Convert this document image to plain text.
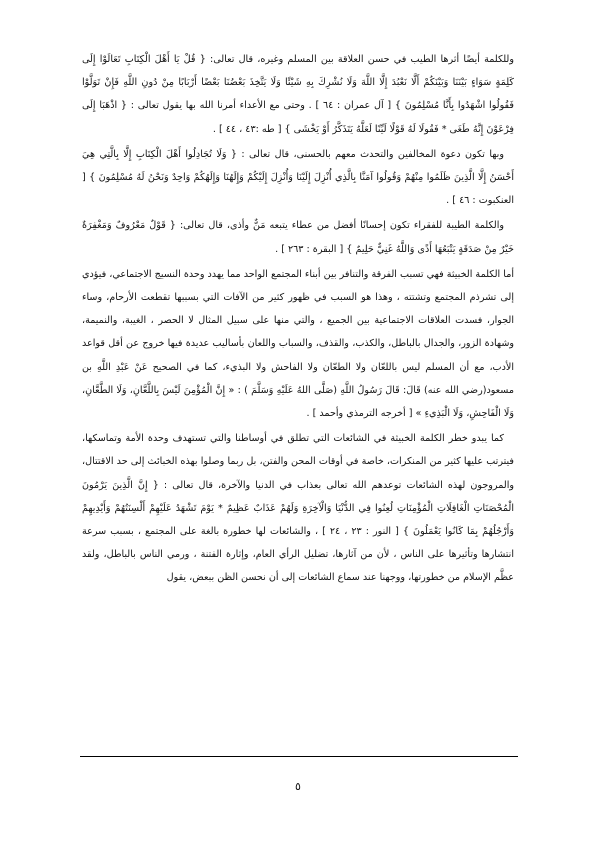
وللكلمة أيضًا أثرها الطيب في حسن العلاقة بين المسلم وغيره، قال تعالى: { قُلْ يَا أَهْلَ الْكِتَابِ تَعَالَوْا إِلَى كَلِمَةٍ سَوَاءٍ بَيْنَنَا وَبَيْنَكُمْ أَلَّا نَعْبُدَ إِلَّا اللَّهَ وَلَا نُشْرِكَ بِهِ شَيْئًا وَلَا يَتَّخِذَ بَعْضُنَا بَعْضًا أَرْبَابًا مِنْ دُونِ اللَّهِ فَإِنْ تَوَلَّوْا فَقُولُوا اشْهَدُوا بِأَنَّا مُسْلِمُونَ } [ آل عمران : ٦٤ ] . وحتى مع الأعداء أمرنا الله بها يقول تعالى : { اذْهَبَا إِلَى فِرْعَوْنَ إِنَّهُ طَغَى * فَقُولَا لَهُ قَوْلًا لَيِّنًا لَعَلَّهُ يَتَذَكَّرُ أَوْ يَخْشَى } [ طه :٤٣ ، ٤٤ ] .

وبها تكون دعوة المخالفين والتحدث معهم بالحسنى، قال تعالى : { وَلَا تُجَادِلُوا أَهْلَ الْكِتَابِ إِلَّا بِالَّتِي هِيَ أَحْسَنُ إِلَّا الَّذِينَ ظَلَمُوا مِنْهُمْ وَقُولُوا آمَنَّا بِالَّذِي أُنْزِلَ إِلَيْنَا وَأُنْزِلَ إِلَيْكُمْ وَإِلَهُنَا وَإِلَهُكُمْ وَاحِدٌ وَنَحْنُ لَهُ مُسْلِمُونَ } [ العنكبوت : ٤٦ ] .

والكلمة الطيبة للفقراء تكون إحسانًا أفضل من عطاء يتبعه مَنٌّ وأذى، قال تعالى: { قَوْلٌ مَعْرُوفٌ وَمَغْفِرَةٌ خَيْرٌ مِنْ صَدَقَةٍ يَتْبَعُهَا أَذًى وَاللَّهُ غَنِيٌّ حَلِيمٌ } [ البقرة : ٢٦٣ ] .

أما الكلمة الخبيثة فهي تسبب الفرقة والتنافر بين أبناء المجتمع الواحد مما يهدد وحدة النسيج الاجتماعي، فيؤدي إلى تشرذم المجتمع وتشتته ، وهذا هو السبب في ظهور كثير من الآفات التي بسببها تقطعت الأرحام، وساء الجوار، فسدت العلاقات الاجتماعية بين الجميع ، والتي منها على سبيل المثال لا الحصر ، الغيبة، والنميمة، وشهادة الزور، والجدال بالباطل، والكذب، والقذف، والسباب واللعان بأساليب عديدة فيها خروج عن أقل قواعد الأدب، مع أن المسلم ليس باللعّان ولا الطعّان ولا الفاحش ولا البذيء، كما في الصحيح عَنْ عَبْدِ اللَّهِ بن مسعود(رضي الله عنه) قَالَ: قَالَ رَسُولُ اللَّهِ (صَلَّى اللهُ عَلَيْهِ وَسَلَّمَ ) : « إِنَّ الْمُؤْمِنَ لَيْسَ بِاللَّعَّانِ، وَلَا الطَّعَّانِ، وَلَا الْفَاحِشِ، وَلَا الْبَذِيءِ » [ أخرجه الترمذي وأحمد ] .

كما يبدو خطر الكلمة الخبيثة في الشائعات التي تطلق في أوساطنا والتي تستهدف وحدة الأمة وتماسكها، فيترتب عليها كثير من المنكرات، خاصة في أوقات المحن والفتن، بل ربما وصلوا بهذه الخبائث إلى حد الاقتتال، والمروجون لهذه الشائعات توعدهم الله تعالى بعذاب في الدنيا والآخرة، قال تعالى : { إِنَّ الَّذِينَ يَرْمُونَ الْمُحْصَنَاتِ الْغَافِلَاتِ الْمُؤْمِنَاتِ لُعِنُوا فِي الدُّنْيَا وَالْآخِرَةِ وَلَهُمْ عَذَابٌ عَظِيمٌ * يَوْمَ تَشْهَدُ عَلَيْهِمْ أَلْسِنَتُهُمْ وَأَيْدِيهِمْ وَأَرْجُلُهُمْ بِمَا كَانُوا يَعْمَلُونَ } [ النور : ٢٣ ، ٢٤ ] ، والشائعات لها خطورة بالغة على المجتمع ، بسبب سرعة انتشارها وتأثيرها على الناس ، لأن من آثارها، تضليل الرأي العام، وإثارة الفتنة ، ورمي الناس بالباطل، ولقد عظَّم الإسلام من خطورتها، ووجهنا عند سماع الشائعات إلى أن نحسن الظن ببعض، يقول

٥
